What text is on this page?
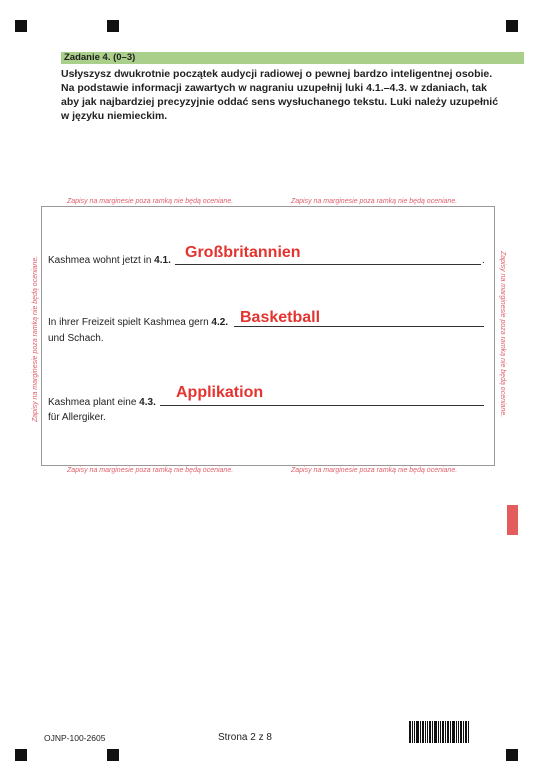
Zadanie 4. (0–3)
Usłyszysz dwukrotnie początek audycji radiowej o pewnej bardzo inteligentnej osobie.
Na podstawie informacji zawartych w nagraniu uzupełnij luki 4.1.–4.3. w zdaniach, tak
aby jak najbardziej precyzyjnie oddać sens wysłuchanego tekstu. Luki należy uzupełnić
w języku niemieckim.
Zapisy na marginesie poza ramką nie będą oceniane.	Zapisy na marginesie poza ramką nie będą oceniane.
Zapisy na marginesie poza ramką nie będą oceniane.	Zapisy na marginesie poza ramką nie będą oceniane.
Zapisy na marginesie poza ramką nie będą oceniane.	Zapisy na marginesie poza ramką nie będą oceniane.
Kashmea wohnt jetzt in 4.1.	.
Großbritannien
In ihrer Freizeit spielt Kashmea gern 4.2. Basketball
und Schach.
Kashmea plant eine 4.3.
Applikation
für Allergiker.
OJNP-100-2605	Strona 2 z 8
